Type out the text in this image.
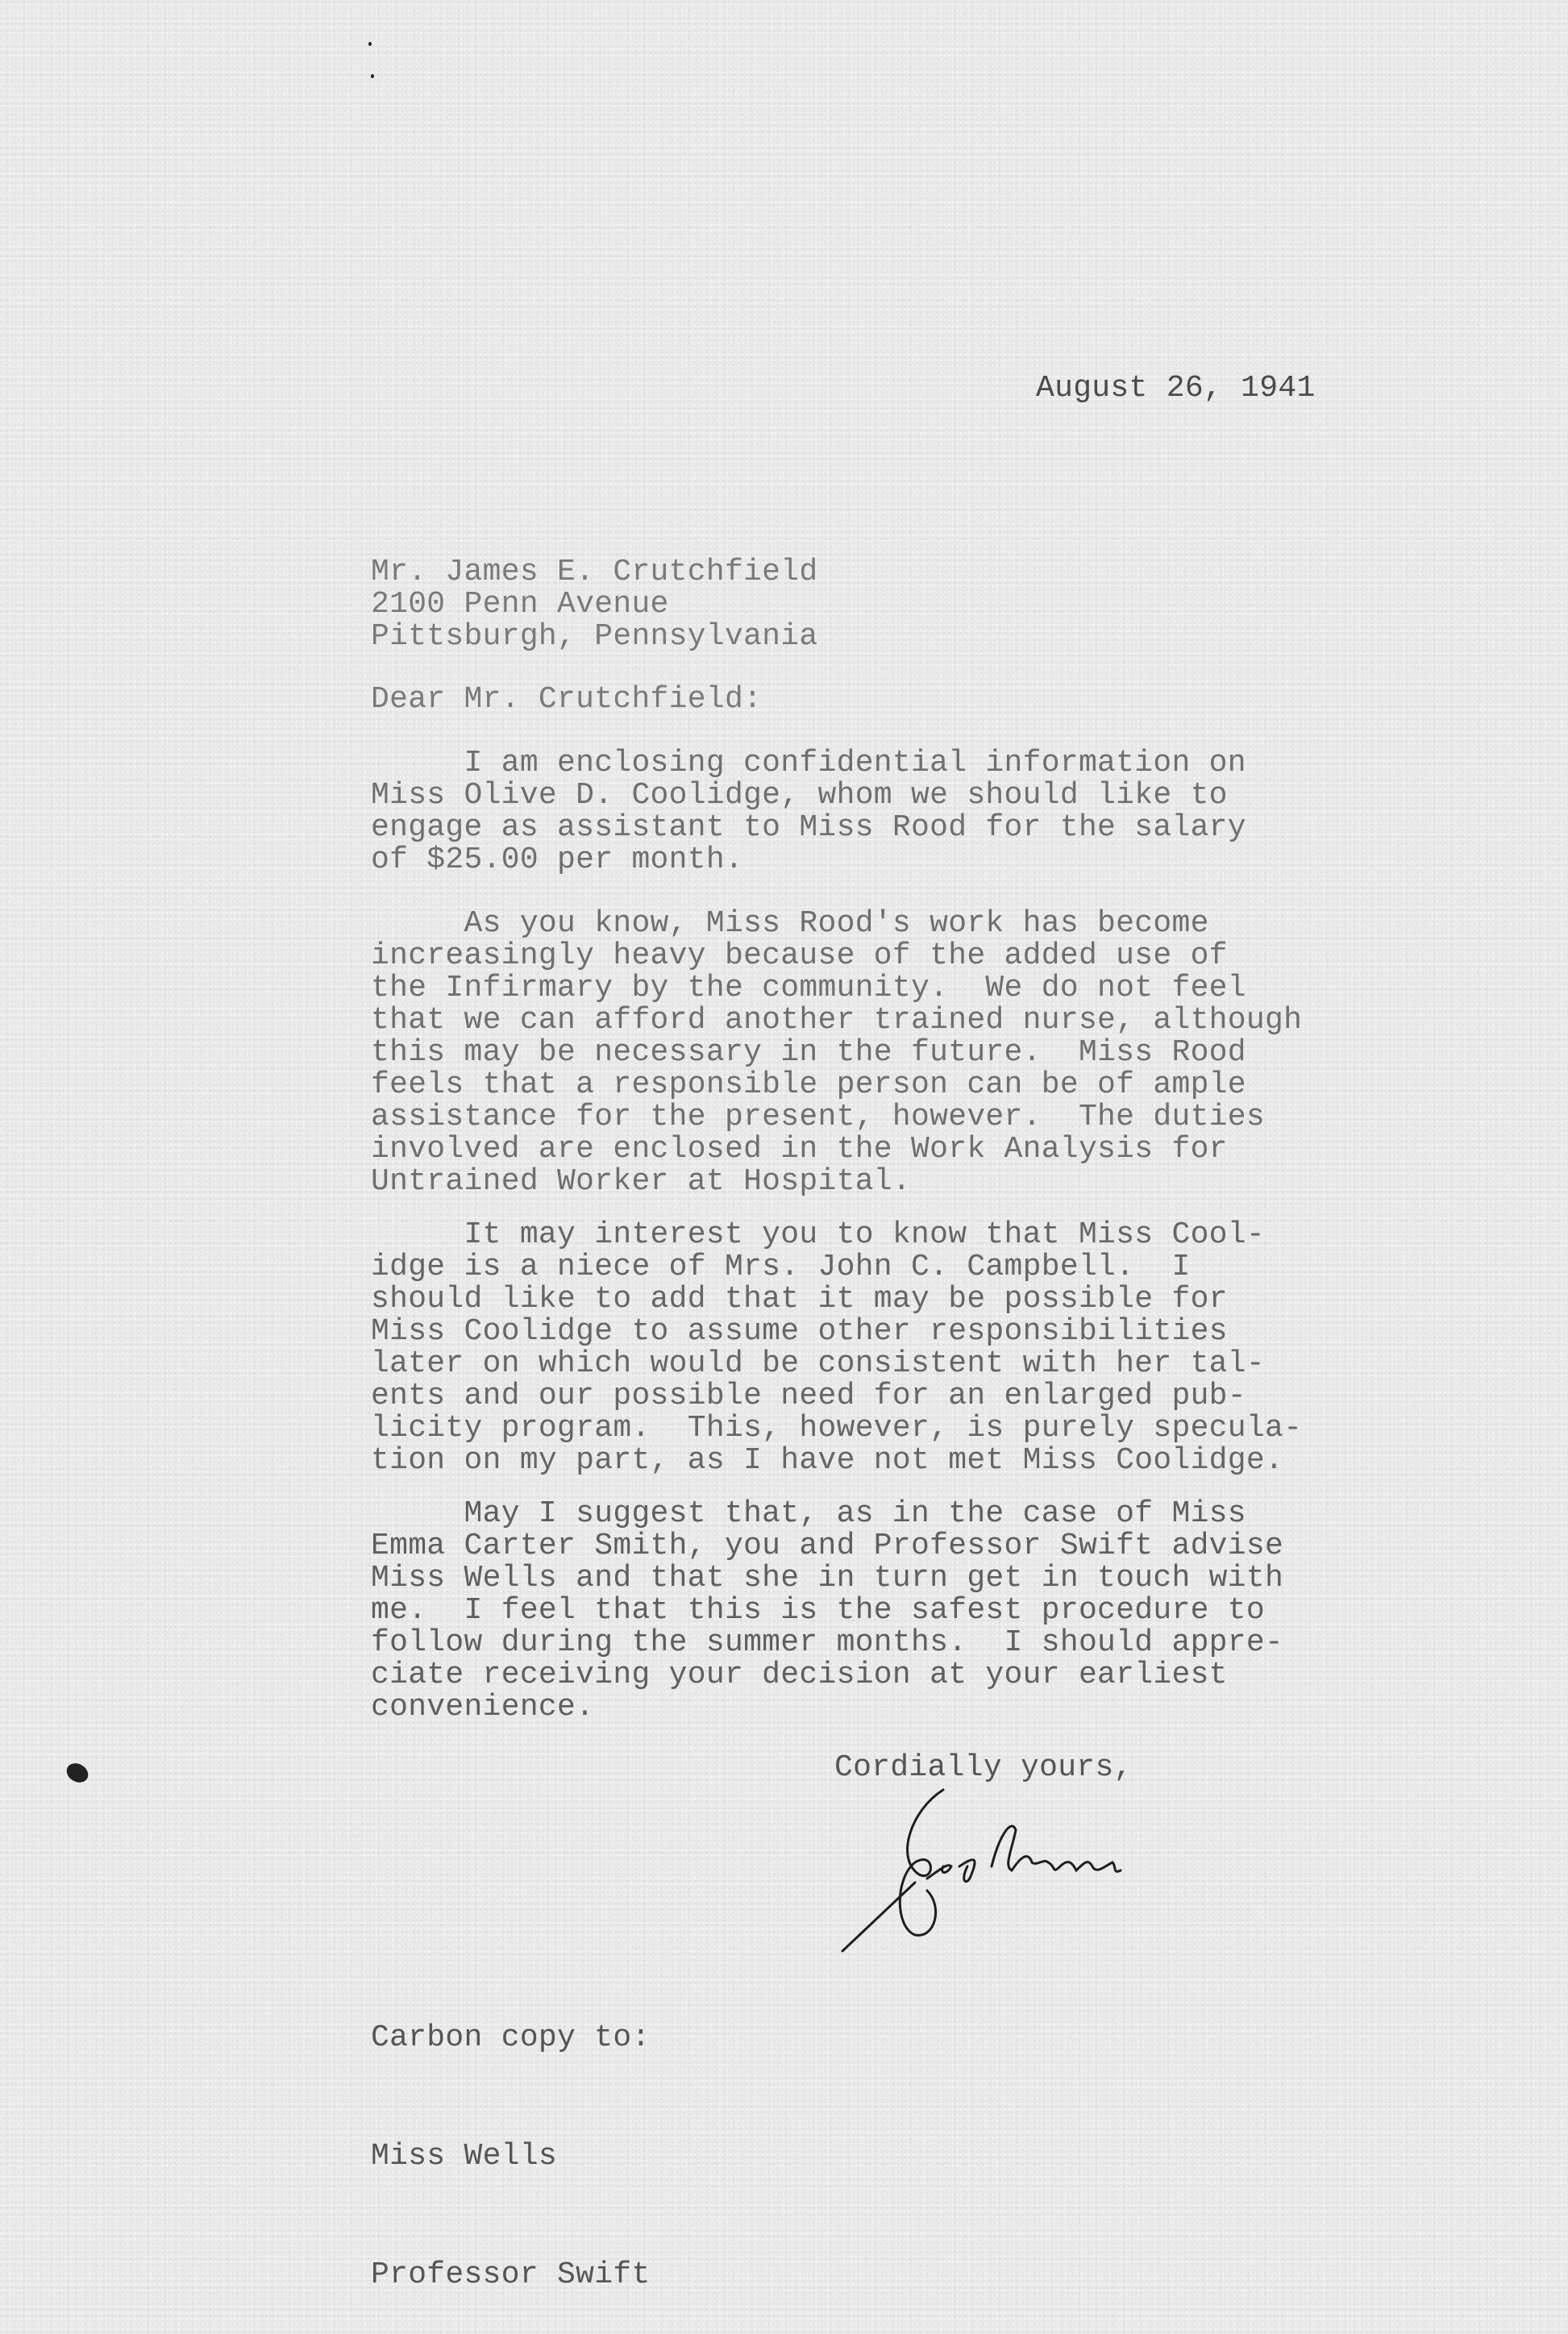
August 26, 1941
Mr. James E. Crutchfield
2100 Penn Avenue
Pittsburgh, Pennsylvania
Dear Mr. Crutchfield:
I am enclosing confidential information on
Miss Olive D. Coolidge, whom we should like to
engage as assistant to Miss Rood for the salary
of $25.00 per month.
As you know, Miss Rood's work has become
increasingly heavy because of the added use of
the Infirmary by the community.  We do not feel
that we can afford another trained nurse, although
this may be necessary in the future.  Miss Rood
feels that a responsible person can be of ample
assistance for the present, however.  The duties
involved are enclosed in the Work Analysis for
Untrained Worker at Hospital.
It may interest you to know that Miss Cool-
idge is a niece of Mrs. John C. Campbell.  I
should like to add that it may be possible for
Miss Coolidge to assume other responsibilities
later on which would be consistent with her tal-
ents and our possible need for an enlarged pub-
licity program.  This, however, is purely specula-
tion on my part, as I have not met Miss Coolidge.
May I suggest that, as in the case of Miss
Emma Carter Smith, you and Professor Swift advise
Miss Wells and that she in turn get in touch with
me.  I feel that this is the safest procedure to
follow during the summer months.  I should appre-
ciate receiving your decision at your earliest
convenience.
Cordially yours,

Carbon copy to:

Miss Wells

Professor Swift
